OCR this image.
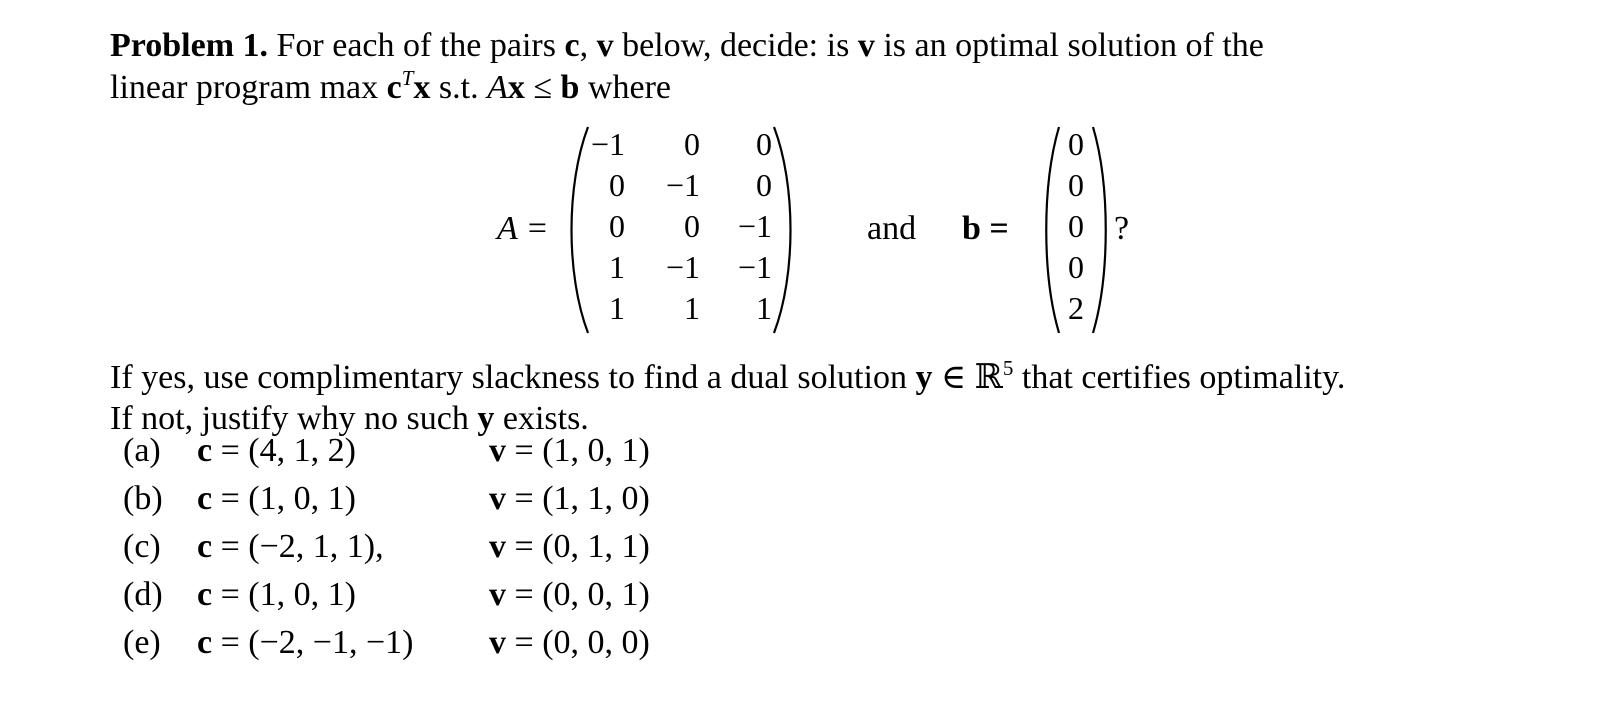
Problem 1. For each of the pairs c, v below, decide: is v is an optimal solution of the
linear program $\max c^Tx$ s.t. Ax ≤ b where
A =
−1	0	0
0	−1	0
0	0	−1
1	−1	−1
1	1	1
and b =
0
0
0
0
2
?
If yes, use complimentary slackness to find a dual solution y ∈ ℝ$^5$ that certifies optimality.
If not, justify why no such y exists.
(a) c = (4, 1, 2)	v = (1, 0, 1)
(b) c = (1, 0, 1)	v = (1, 1, 0)
(c) c = (−2, 1, 1),	v = (0, 1, 1)
(d) c = (1, 0, 1)	v = (0, 0, 1)
(e) c = (−2, −1, −1) v = (0, 0, 0)
